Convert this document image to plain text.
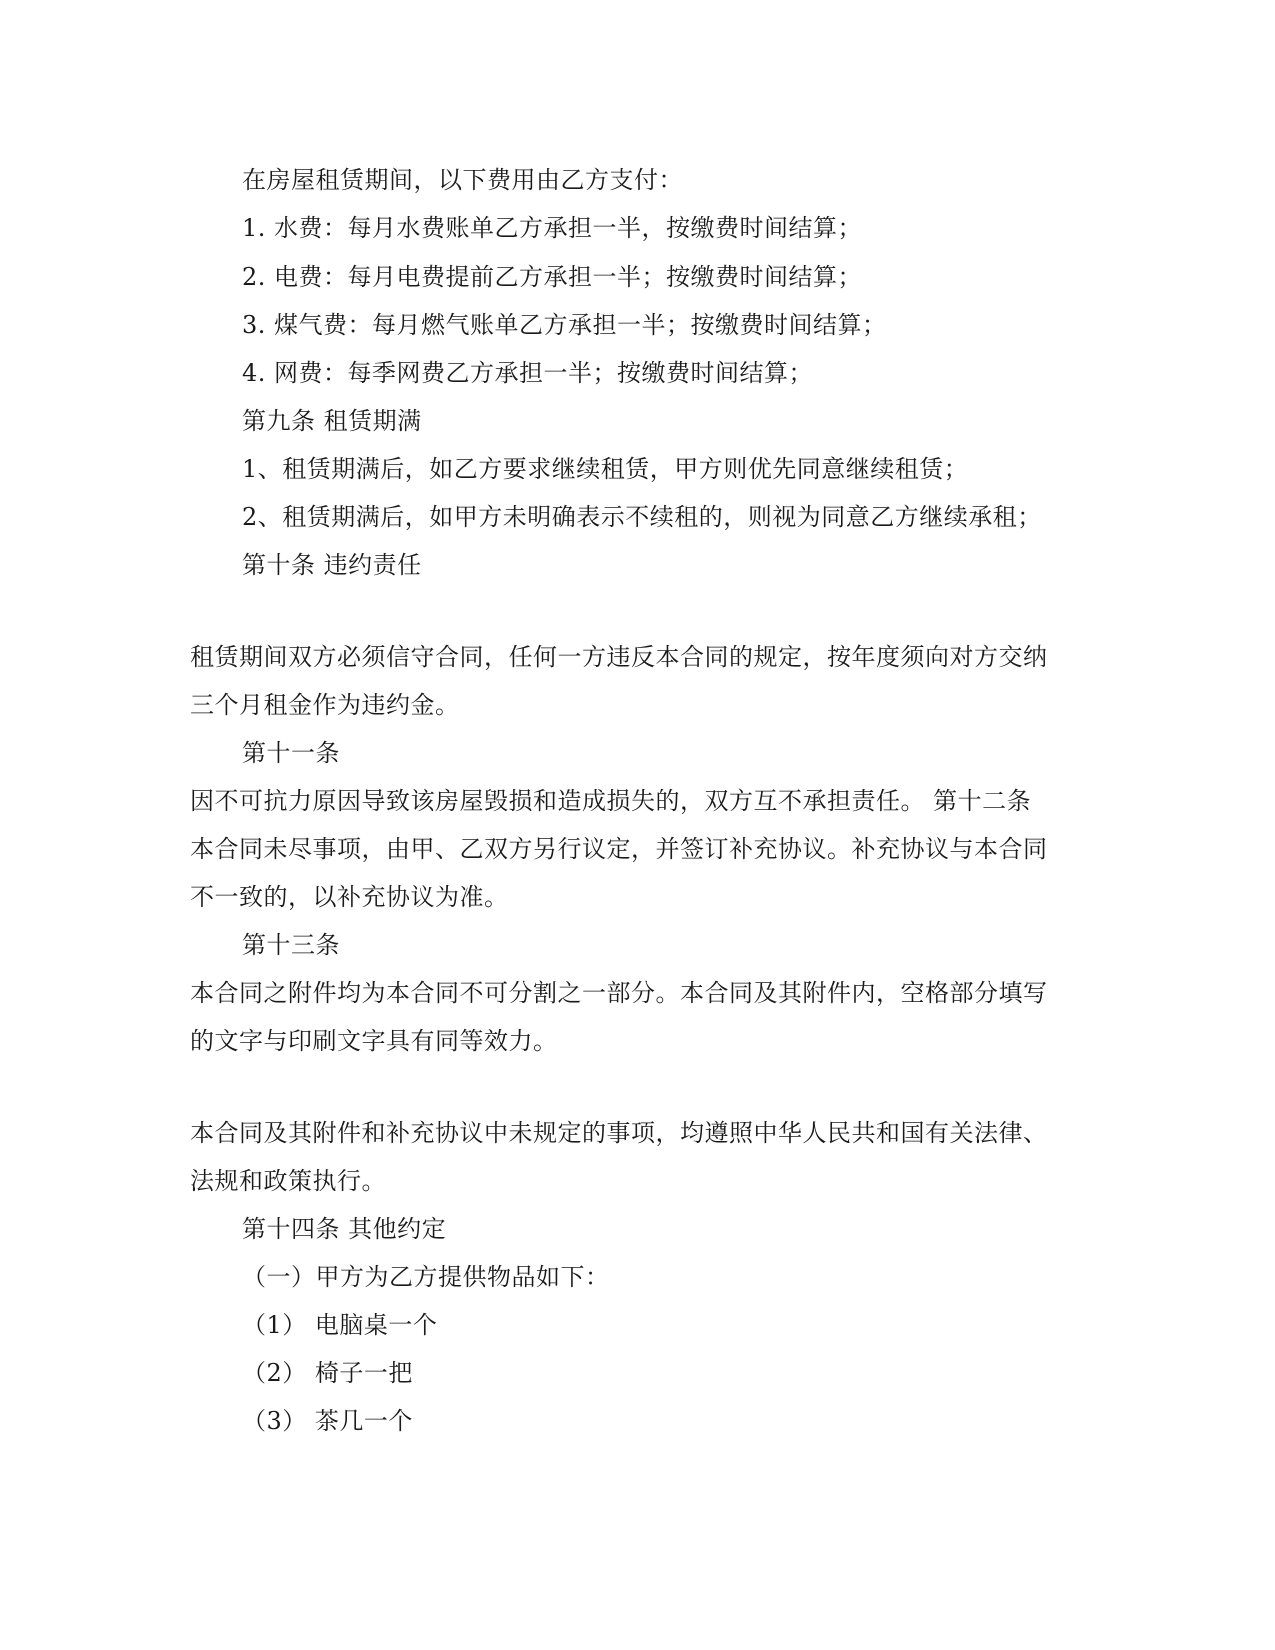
在房屋租赁期间，以下费用由乙方支付：
1. 水费：每月水费账单乙方承担一半，按缴费时间结算；
2. 电费：每月电费提前乙方承担一半；按缴费时间结算；
3. 煤气费：每月燃气账单乙方承担一半；按缴费时间结算；
4. 网费：每季网费乙方承担一半；按缴费时间结算；
第九条 租赁期满
1、租赁期满后，如乙方要求继续租赁，甲方则优先同意继续租赁；
2、租赁期满后，如甲方未明确表示不续租的，则视为同意乙方继续承租；
第十条 违约责任
租赁期间双方必须信守合同，任何一方违反本合同的规定，按年度须向对方交纳
三个月租金作为违约金。
第十一条
因不可抗力原因导致该房屋毁损和造成损失的，双方互不承担责任。 第十二条
本合同未尽事项，由甲、乙双方另行议定，并签订补充协议。补充协议与本合同
不一致的，以补充协议为准。
第十三条
本合同之附件均为本合同不可分割之一部分。本合同及其附件内，空格部分填写
的文字与印刷文字具有同等效力。
本合同及其附件和补充协议中未规定的事项，均遵照中华人民共和国有关法律、
法规和政策执行。
第十四条 其他约定
（一）甲方为乙方提供物品如下：
（1） 电脑桌一个
（2） 椅子一把
（3） 茶几一个
